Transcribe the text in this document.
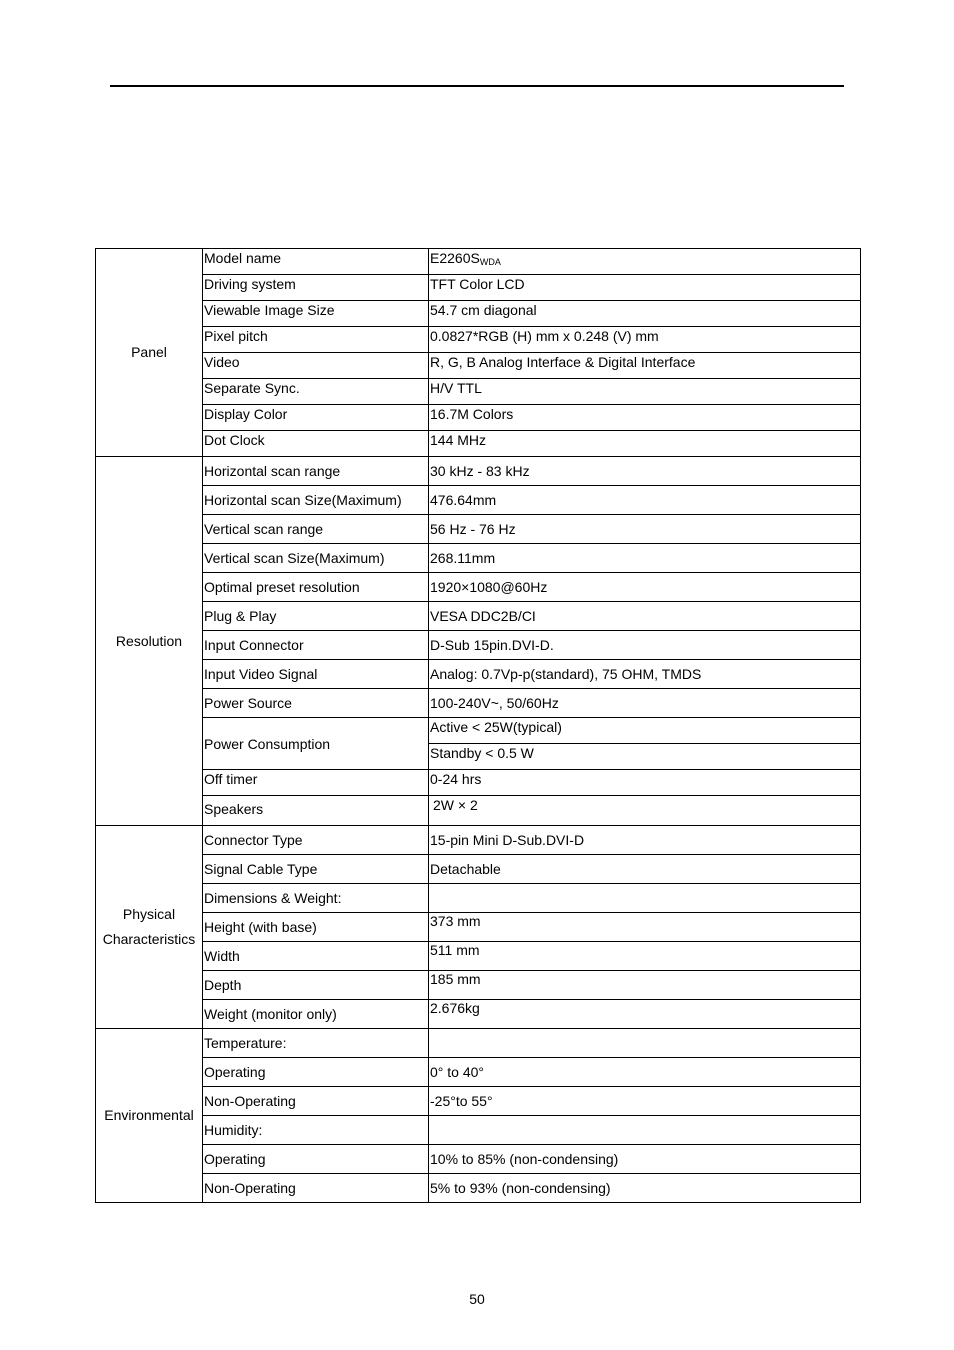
Panel	Model name	$E2260S_{WDA}$
	Driving system	TFT Color LCD
	Viewable Image Size	54.7 cm diagonal
	Pixel pitch	0.0827*RGB (H) mm x 0.248 (V) mm
	Video	R, G, B Analog Interface & Digital Interface
	Separate Sync.	H/V TTL
	Display Color	16.7M Colors
	Dot Clock	144 MHz
Resolution	Horizontal scan range	30 kHz - 83 kHz
	Horizontal scan Size(Maximum)	476.64mm
	Vertical scan range	56 Hz - 76 Hz
	Vertical scan Size(Maximum)	268.11mm
	Optimal preset resolution	1920×1080@60Hz
	Plug & Play	VESA DDC2B/CI
	Input Connector	D-Sub 15pin.DVI-D.
	Input Video Signal	Analog: 0.7Vp-p(standard), 75 OHM, TMDS
	Power Source	100-240V~, 50/60Hz
	Power Consumption	Active < 25W(typical)
		Standby < 0.5 W
	Off timer	0-24 hrs
	Speakers	2W × 2
Physical Characteristics	Connector Type	15-pin Mini D-Sub.DVI-D
	Signal Cable Type	Detachable
	Dimensions & Weight:	
	Height (with base)	373 mm
	Width	511 mm
	Depth	185 mm
	Weight (monitor only)	2.676kg
Environmental	Temperature:	
	Operating	0° to 40°
	Non-Operating	-25°to 55°
	Humidity:	
	Operating	10% to 85% (non-condensing)
	Non-Operating	5% to 93% (non-condensing)
50
